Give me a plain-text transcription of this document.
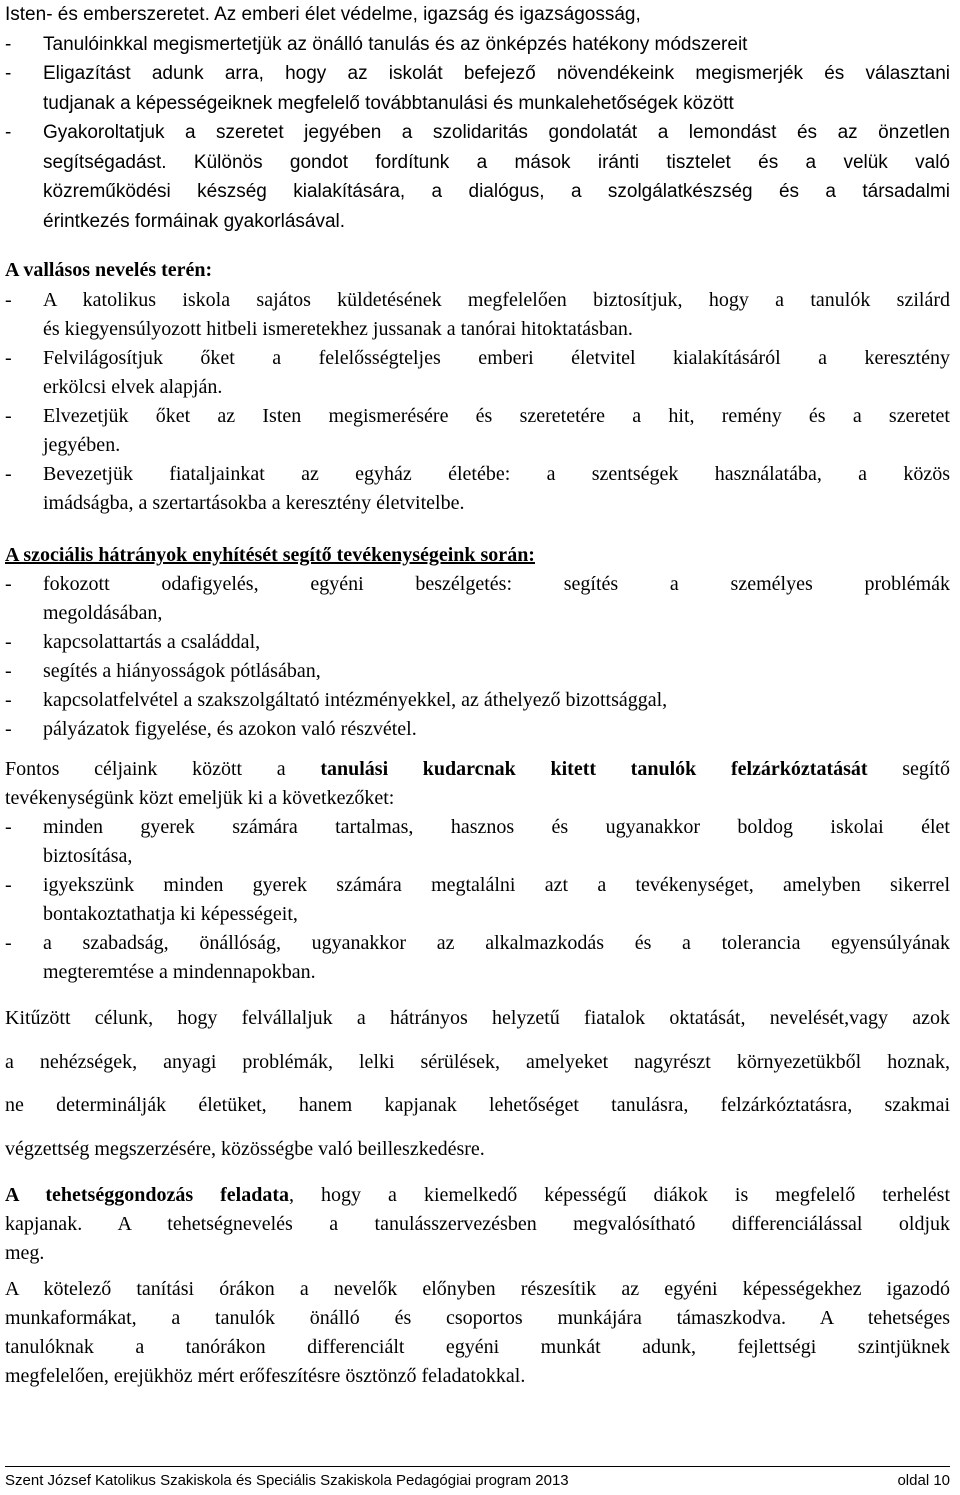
Isten- és emberszeretet. Az emberi élet védelme, igazság és igazságosság,
-	Tanulóinkkal megismertetjük az önálló tanulás és az önképzés hatékony módszereit
-	Eligazítást adunk arra, hogy az iskolát befejező növendékeink megismerjék és választani
tudjanak a képességeiknek megfelelő továbbtanulási és munkalehetőségek között
-	Gyakoroltatjuk a szeretet jegyében a szolidaritás gondolatát a lemondást és az önzetlen
segítségadást. Különös gondot fordítunk a mások iránti tisztelet és a velük való
közreműködési készség kialakítására, a dialógus, a szolgálatkészség és a társadalmi
érintkezés formáinak gyakorlásával.
A vallásos nevelés terén:
-	A katolikus iskola sajátos küldetésének megfelelően biztosítjuk, hogy a tanulók szilárd
és kiegyensúlyozott hitbeli ismeretekhez jussanak a tanórai hitoktatásban.
-	Felvilágosítjuk őket a felelősségteljes emberi életvitel kialakításáról a keresztény
erkölcsi elvek alapján.
-	Elvezetjük őket az Isten megismerésére és szeretetére a hit, remény és a szeretet
jegyében.
-	Bevezetjük fiataljainkat az egyház életébe: a szentségek használatába, a közös
imádságba, a szertartásokba a keresztény életvitelbe.
A szociális hátrányok enyhítését segítő tevékenységeink során:
-	fokozott odafigyelés, egyéni beszélgetés: segítés a személyes problémák
megoldásában,
-	kapcsolattartás a családdal,
-	segítés a hiányosságok pótlásában,
-	kapcsolatfelvétel a szakszolgáltató intézményekkel, az áthelyező bizottsággal,
-	pályázatok figyelése, és azokon való részvétel.
Fontos céljaink között a tanulási kudarcnak kitett tanulók felzárkóztatását segítő
tevékenységünk közt emeljük ki a következőket:
-	minden gyerek számára tartalmas, hasznos és ugyanakkor boldog iskolai élet
biztosítása,
-	igyekszünk minden gyerek számára megtalálni azt a tevékenységet, amelyben sikerrel
bontakoztathatja ki képességeit,
-	a szabadság, önállóság, ugyanakkor az alkalmazkodás és a tolerancia egyensúlyának
megteremtése a mindennapokban.
Kitűzött célunk, hogy felvállaljuk a hátrányos helyzetű fiatalok oktatását, nevelését,vagy azok
a nehézségek, anyagi problémák, lelki sérülések, amelyeket nagyrészt környezetükből hoznak,
ne determinálják életüket, hanem kapjanak lehetőséget tanulásra, felzárkóztatásra, szakmai
végzettség megszerzésére, közösségbe való beilleszkedésre.
A tehetséggondozás feladata, hogy a kiemelkedő képességű diákok is megfelelő terhelést
kapjanak. A tehetségnevelés a tanulásszervezésben megvalósítható differenciálással oldjuk
meg.
A kötelező tanítási órákon a nevelők előnyben részesítik az egyéni képességekhez igazodó
munkaformákat, a tanulók önálló és csoportos munkájára támaszkodva. A tehetséges
tanulóknak a tanórákon differenciált egyéni munkát adunk, fejlettségi szintjüknek
megfelelően, erejükhöz mért erőfeszítésre ösztönző feladatokkal.
Szent József Katolikus Szakiskola és Speciális Szakiskola Pedagógiai program 2013	oldal 10
